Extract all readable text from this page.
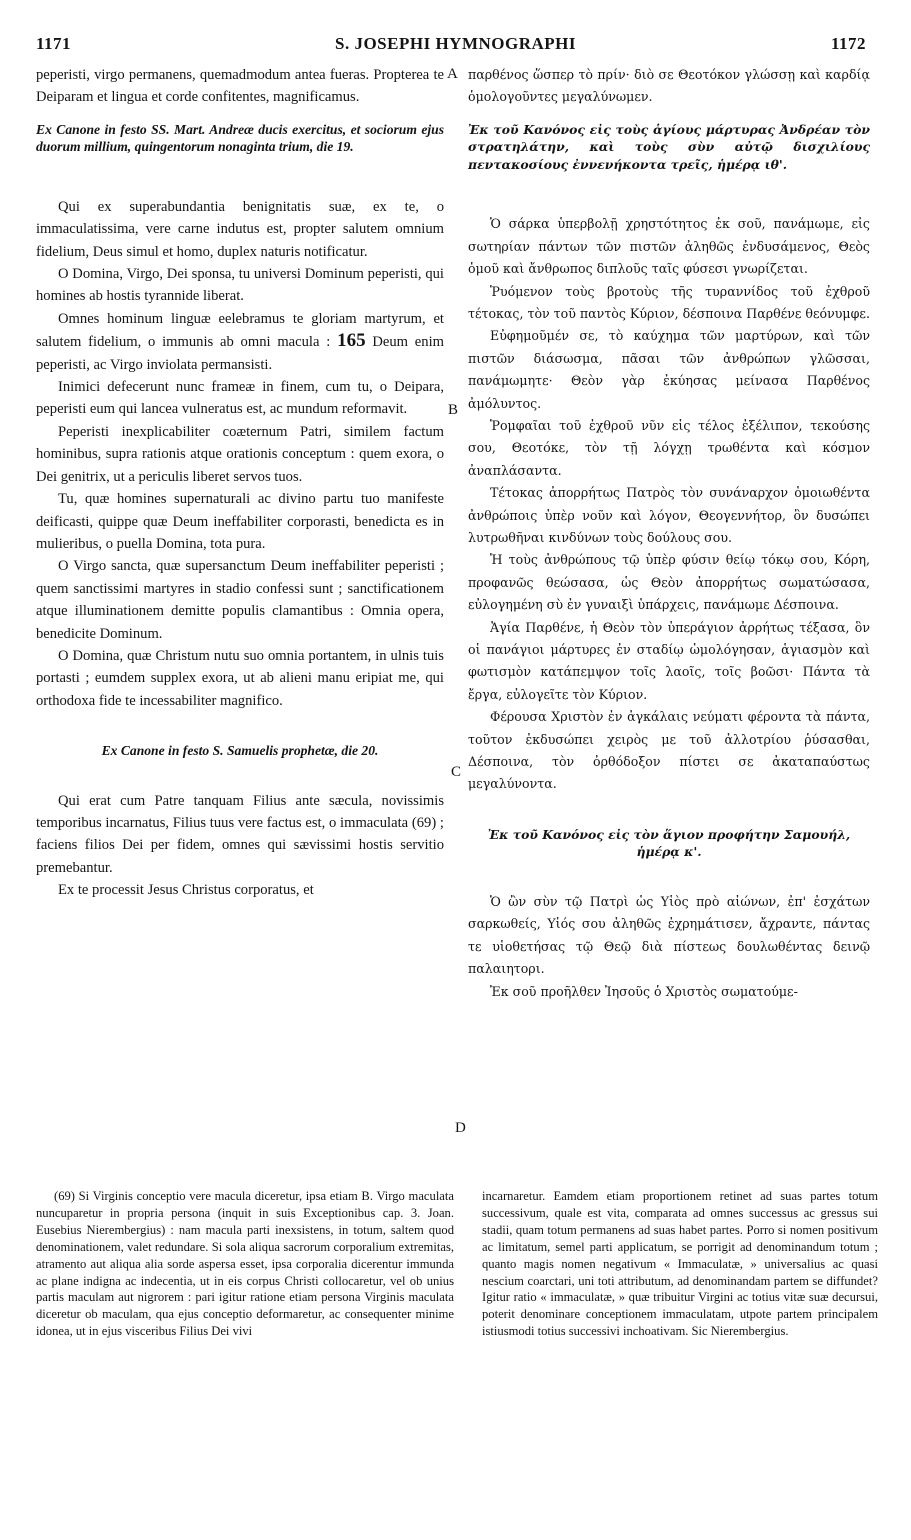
1171	S. JOSEPHI HYMNOGRAPHI	1172
A
B
C
D

peperisti, virgo permanens, quemadmodum antea fueras. Propterea te Deiparam et lingua et corde confitentes, magnificamus.

Ex Canone in festo SS. Mart. Andreæ ducis exercitus, et sociorum ejus duorum millium, quingentorum nonaginta trium, die 19.

Qui ex superabundantia benignitatis suæ, ex te, o immaculatissima, vere carne indutus est, propter salutem omnium fidelium, Deus simul et homo, duplex naturis notificatur.

O Domina, Virgo, Dei sponsa, tu universi Dominum peperisti, qui homines ab hostis tyrannide liberat.

Omnes hominum linguæ eelebramus te gloriam martyrum, et salutem fidelium, o immunis ab omni macula : 165 Deum enim peperisti, ac Virgo inviolata permansisti.

Inimici defecerunt nunc frameæ in finem, cum tu, o Deipara, peperisti eum qui lancea vulneratus est, ac mundum reformavit.

Peperisti inexplicabiliter coæternum Patri, similem factum hominibus, supra rationis atque orationis conceptum : quem exora, o Dei genitrix, ut a periculis liberet servos tuos.

Tu, quæ homines supernaturali ac divino partu tuo manifeste deificasti, quippe quæ Deum ineffabiliter corporasti, benedicta es in mulieribus, o puella Domina, tota pura.

O Virgo sancta, quæ supersanctum Deum ineffabiliter peperisti ; quem sanctissimi martyres in stadio confessi sunt ; sanctificationem atque illuminationem demitte populis clamantibus : Omnia opera, benedicite Dominum.

O Domina, quæ Christum nutu suo omnia portantem, in ulnis tuis portasti ; eumdem supplex exora, ut ab alieni manu eripiat me, qui orthodoxa fide te incessabiliter magnifico.

Ex Canone in festo S. Samuelis prophetæ, die 20.

Qui erat cum Patre tanquam Filius ante sæcula, novissimis temporibus incarnatus, Filius tuus vere factus est, o immaculata (69) ; faciens filios Dei per fidem, omnes qui sævissimi hostis servitio premebantur.

Ex te processit Jesus Christus corporatus, et

παρθένος ὥσπερ τὸ πρίν· διὸ σε Θεοτόκον γλώσσῃ καὶ καρδίᾳ ὁμολογοῦντες μεγαλύνωμεν.

Ἐκ τοῦ Κανόνος εἰς τοὺς ἁγίους μάρτυρας Ἀνδρέαν τὸν στρατηλάτην, καὶ τοὺς σὺν αὐτῷ δισχιλίους πεντακοσίους ἐννενήκοντα τρεῖς, ἡμέρᾳ ιθ'.

Ὁ σάρκα ὑπερβολῇ χρηστότητος ἐκ σοῦ, πανάμωμε, εἰς σωτηρίαν πάντων τῶν πιστῶν ἀληθῶς ἐνδυσάμενος, Θεὸς ὁμοῦ καὶ ἄνθρωπος διπλοῦς ταῖς φύσεσι γνωρίζεται.

Ῥυόμενον τοὺς βροτοὺς τῆς τυραννίδος τοῦ ἐχθροῦ τέτοκας, τὸν τοῦ παντὸς Κύριον, δέσποινα Παρθένε θεόνυμφε.

Εὐφημοῦμέν σε, τὸ καύχημα τῶν μαρτύρων, καὶ τῶν πιστῶν διάσωσμα, πᾶσαι τῶν ἀνθρώπων γλῶσσαι, πανάμωμητε· Θεὸν γὰρ ἐκύησας μείνασα Παρθένος ἀμόλυντος.

Ῥομφαῖαι τοῦ ἐχθροῦ νῦν εἰς τέλος ἐξέλιπον, τεκούσης σου, Θεοτόκε, τὸν τῇ λόγχῃ τρωθέντα καὶ κόσμον ἀναπλάσαντα.

Τέτοκας ἀπορρήτως Πατρὸς τὸν συνάναρχον ὁμοιωθέντα ἀνθρώποις ὑπὲρ νοῦν καὶ λόγον, Θεογεννήτορ, ὃν δυσώπει λυτρωθῆναι κινδύνων τοὺς δούλους σου.

Ἡ τοὺς ἀνθρώπους τῷ ὑπὲρ φύσιν θείῳ τόκῳ σου, Κόρη, προφανῶς θεώσασα, ὡς Θεὸν ἀπορρήτως σωματώσασα, εὐλογημένη σὺ ἐν γυναιξὶ ὑπάρχεις, πανάμωμε Δέσποινα.

Ἁγία Παρθένε, ἡ Θεὸν τὸν ὑπεράγιον ἀρρήτως τέξασα, ὃν οἱ πανάγιοι μάρτυρες ἐν σταδίῳ ὡμολόγησαν, ἁγιασμὸν καὶ φωτισμὸν κατάπεμψον τοῖς λαοῖς, τοῖς βοῶσι· Πάντα τὰ ἔργα, εὐλογεῖτε τὸν Κύριον.

Φέρουσα Χριστὸν ἐν ἀγκάλαις νεύματι φέροντα τὰ πάντα, τοῦτον ἐκδυσώπει χειρὸς με τοῦ ἀλλοτρίου ῥύσασθαι, Δέσποινα, τὸν ὀρθόδοξον πίστει σε ἀκαταπαύστως μεγαλύνοντα.

Ἐκ τοῦ Κανόνος εἰς τὸν ἅγιον προφήτην Σαμουήλ, ἡμέρᾳ κ'.

Ὁ ὢν σὺν τῷ Πατρὶ ὡς Υἱὸς πρὸ αἰώνων, ἐπ' ἐσχάτων σαρκωθείς, Υἱός σου ἀληθῶς ἐχρημάτισεν, ἄχραντε, πάντας τε υἱοθετήσας τῷ Θεῷ διὰ πίστεως δουλωθέντας δεινῷ παλαιητορι.

Ἐκ σοῦ προῆλθεν Ἰησοῦς ὁ Χριστὸς σωματούμε-

(69) Si Virginis conceptio vere macula diceretur, ipsa etiam B. Virgo maculata nuncuparetur in propria persona (inquit in suis Exceptionibus cap. 3. Joan. Eusebius Nierembergius) : nam macula parti inexsistens, in totum, saltem quod denominationem, valet redundare. Si sola aliqua sacrorum corporalium extremitas, atramento aut aliqua alia sorde aspersa esset, ipsa corporalia dicerentur immunda ac plane indigna ac indecentia, ut in eis corpus Christi collocaretur, vel ob unius partis maculam aut nigrorem : pari igitur ratione etiam persona Virginis maculata diceretur ob maculam, qua ejus conceptio deformaretur, ac consequenter minime idonea, ut in ejus visceribus Filius Dei vivi

incarnaretur. Eamdem etiam proportionem retinet ad suas partes totum successivum, quale est vita, comparata ad omnes successus ac gressus sui stadii, quam totum permanens ad suas habet partes. Porro si nomen positivum ac limitatum, semel parti applicatum, se porrigit ad denominandum totum ; quanto magis nomen negativum « Immaculatæ, » universalius ac quasi nescium coarctari, uni toti attributum, ad denominandam partem se diffundet? Igitur ratio « immaculatæ, » quæ tribuitur Virgini ac totius vitæ suæ decursui, poterit denominare conceptionem immaculatam, utpote partem principalem istiusmodi totius successivi inchoativam. Sic Nierembergius.
